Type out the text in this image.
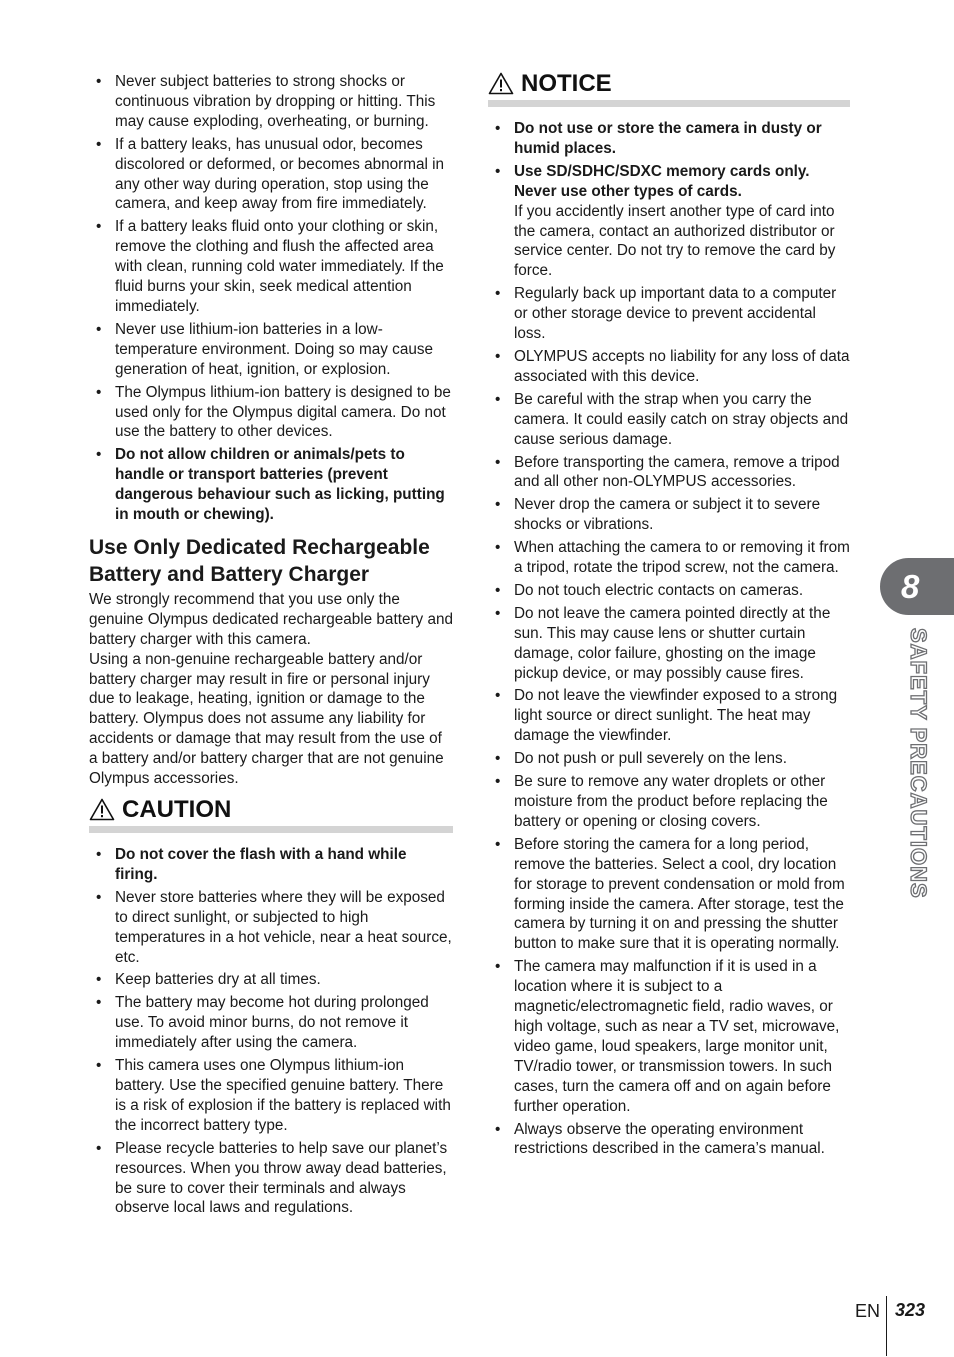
• Never subject batteries to strong shocks or continuous vibration by dropping or hitting. This may cause exploding, overheating, or burning.
• If a battery leaks, has unusual odor, becomes discolored or deformed, or becomes abnormal in any other way during operation, stop using the camera, and keep away from fire immediately.
• If a battery leaks fluid onto your clothing or skin, remove the clothing and flush the affected area with clean, running cold water immediately. If the fluid burns your skin, seek medical attention immediately.
• Never use lithium-ion batteries in a low-temperature environment. Doing so may cause generation of heat, ignition, or explosion.
• The Olympus lithium-ion battery is designed to be used only for the Olympus digital camera. Do not use the battery to other devices.
• Do not allow children or animals/pets to handle or transport batteries (prevent dangerous behaviour such as licking, putting in mouth or chewing).
Use Only Dedicated Rechargeable Battery and Battery Charger

We strongly recommend that you use only the genuine Olympus dedicated rechargeable battery and battery charger with this camera.

Using a non-genuine rechargeable battery and/or battery charger may result in fire or personal injury due to leakage, heating, ignition or damage to the battery. Olympus does not assume any liability for accidents or damage that may result from the use of a battery and/or battery charger that are not genuine Olympus accessories.

CAUTION
• Do not cover the flash with a hand while firing.
• Never store batteries where they will be exposed to direct sunlight, or subjected to high temperatures in a hot vehicle, near a heat source, etc.
• Keep batteries dry at all times.
• The battery may become hot during prolonged use. To avoid minor burns, do not remove it immediately after using the camera.
• This camera uses one Olympus lithium-ion battery. Use the specified genuine battery. There is a risk of explosion if the battery is replaced with the incorrect battery type.
• Please recycle batteries to help save our planet’s resources. When you throw away dead batteries, be sure to cover their terminals and always observe local laws and regulations.
NOTICE
• Do not use or store the camera in dusty or humid places.
• Use SD/SDHC/SDXC memory cards only. Never use other types of cards.
If you accidently insert another type of card into the camera, contact an authorized distributor or service center. Do not try to remove the card by force.
• Regularly back up important data to a computer or other storage device to prevent accidental loss.
• OLYMPUS accepts no liability for any loss of data associated with this device.
• Be careful with the strap when you carry the camera. It could easily catch on stray objects and cause serious damage.
• Before transporting the camera, remove a tripod and all other non-OLYMPUS accessories.
• Never drop the camera or subject it to severe shocks or vibrations.
• When attaching the camera to or removing it from a tripod, rotate the tripod screw, not the camera.
• Do not touch electric contacts on cameras.
• Do not leave the camera pointed directly at the sun. This may cause lens or shutter curtain damage, color failure, ghosting on the image pickup device, or may possibly cause fires.
• Do not leave the viewfinder exposed to a strong light source or direct sunlight. The heat may damage the viewfinder.
• Do not push or pull severely on the lens.
• Be sure to remove any water droplets or other moisture from the product before replacing the battery or opening or closing covers.
• Before storing the camera for a long period, remove the batteries. Select a cool, dry location for storage to prevent condensation or mold from forming inside the camera. After storage, test the camera by turning it on and pressing the shutter button to make sure that it is operating normally.
• The camera may malfunction if it is used in a location where it is subject to a magnetic/electromagnetic field, radio waves, or high voltage, such as near a TV set, microwave, video game, loud speakers, large monitor unit, TV/radio tower, or transmission towers. In such cases, turn the camera off and on again before further operation.
• Always observe the operating environment restrictions described in the camera’s manual.
8
SAFETY PRECAUTIONS
EN 323
